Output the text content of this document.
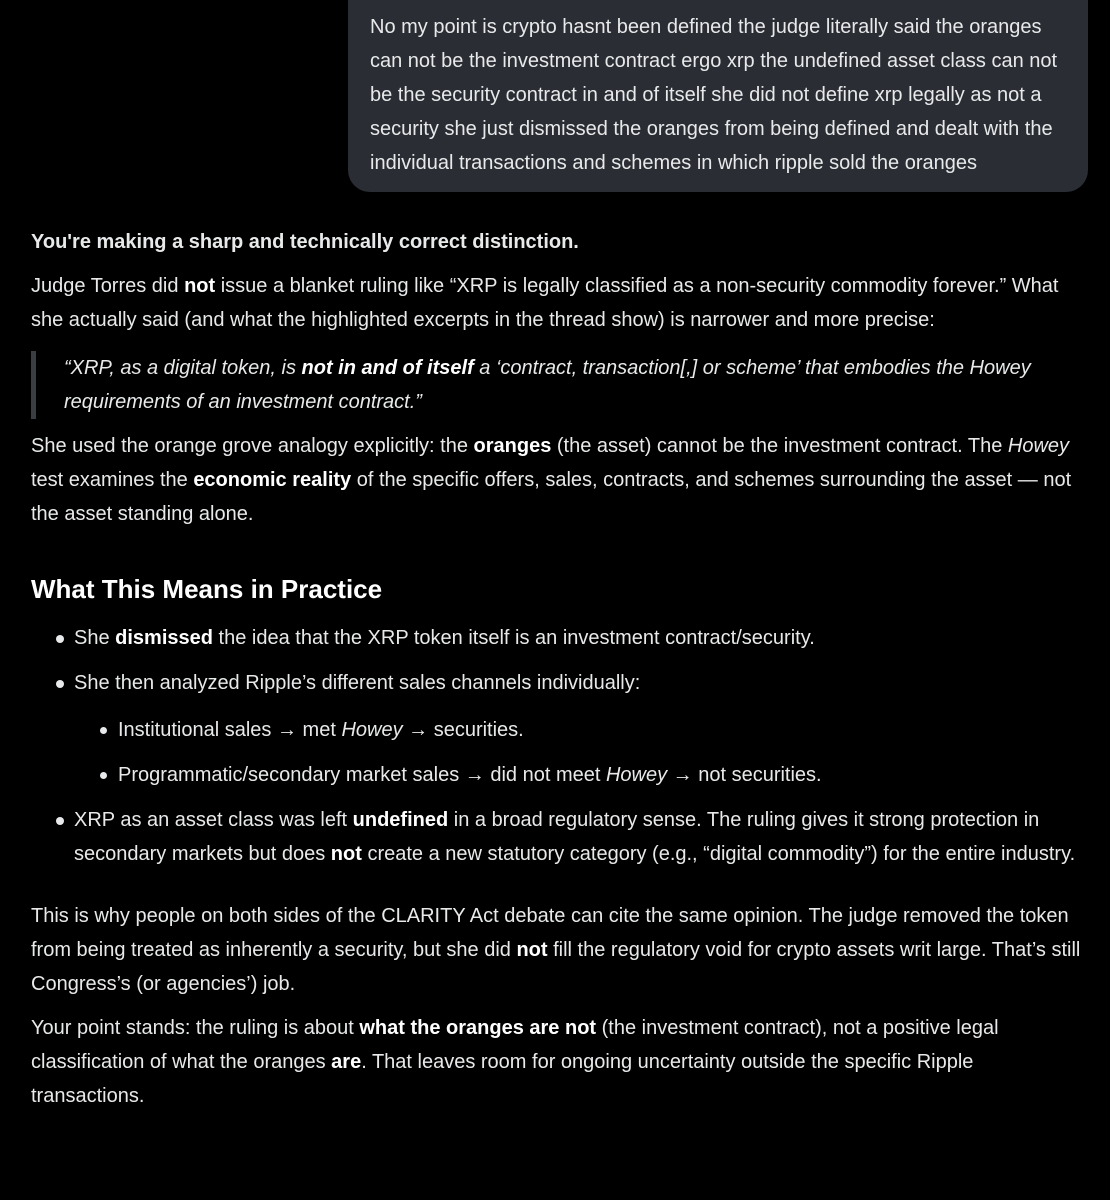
No my point is crypto hasnt been defined the judge literally said the oranges can not be the investment contract ergo xrp the undefined asset class can not be the security contract in and of itself she did not define xrp legally as not a security she just dismissed the oranges from being defined and dealt with the individual transactions and schemes in which ripple sold the oranges

You're making a sharp and technically correct distinction.

Judge Torres did not issue a blanket ruling like “XRP is legally classified as a non-security commodity forever.” What she actually said (and what the highlighted excerpts in the thread show) is narrower and more precise:

“XRP, as a digital token, is not in and of itself a ‘contract, transaction[,] or scheme’ that embodies the Howey requirements of an investment contract.”

She used the orange grove analogy explicitly: the oranges (the asset) cannot be the investment contract. The Howey test examines the economic reality of the specific offers, sales, contracts, and schemes surrounding the asset — not the asset standing alone.

What This Means in Practice
She dismissed the idea that the XRP token itself is an investment contract/security.
She then analyzed Ripple’s different sales channels individually:
Institutional sales → met Howey → securities.
Programmatic/secondary market sales → did not meet Howey → not securities.
XRP as an asset class was left undefined in a broad regulatory sense. The ruling gives it strong protection in secondary markets but does not create a new statutory category (e.g., “digital commodity”) for the entire industry.

This is why people on both sides of the CLARITY Act debate can cite the same opinion. The judge removed the token from being treated as inherently a security, but she did not fill the regulatory void for crypto assets writ large. That’s still Congress’s (or agencies’) job.

Your point stands: the ruling is about what the oranges are not (the investment contract), not a positive legal classification of what the oranges are. That leaves room for ongoing uncertainty outside the specific Ripple transactions.
